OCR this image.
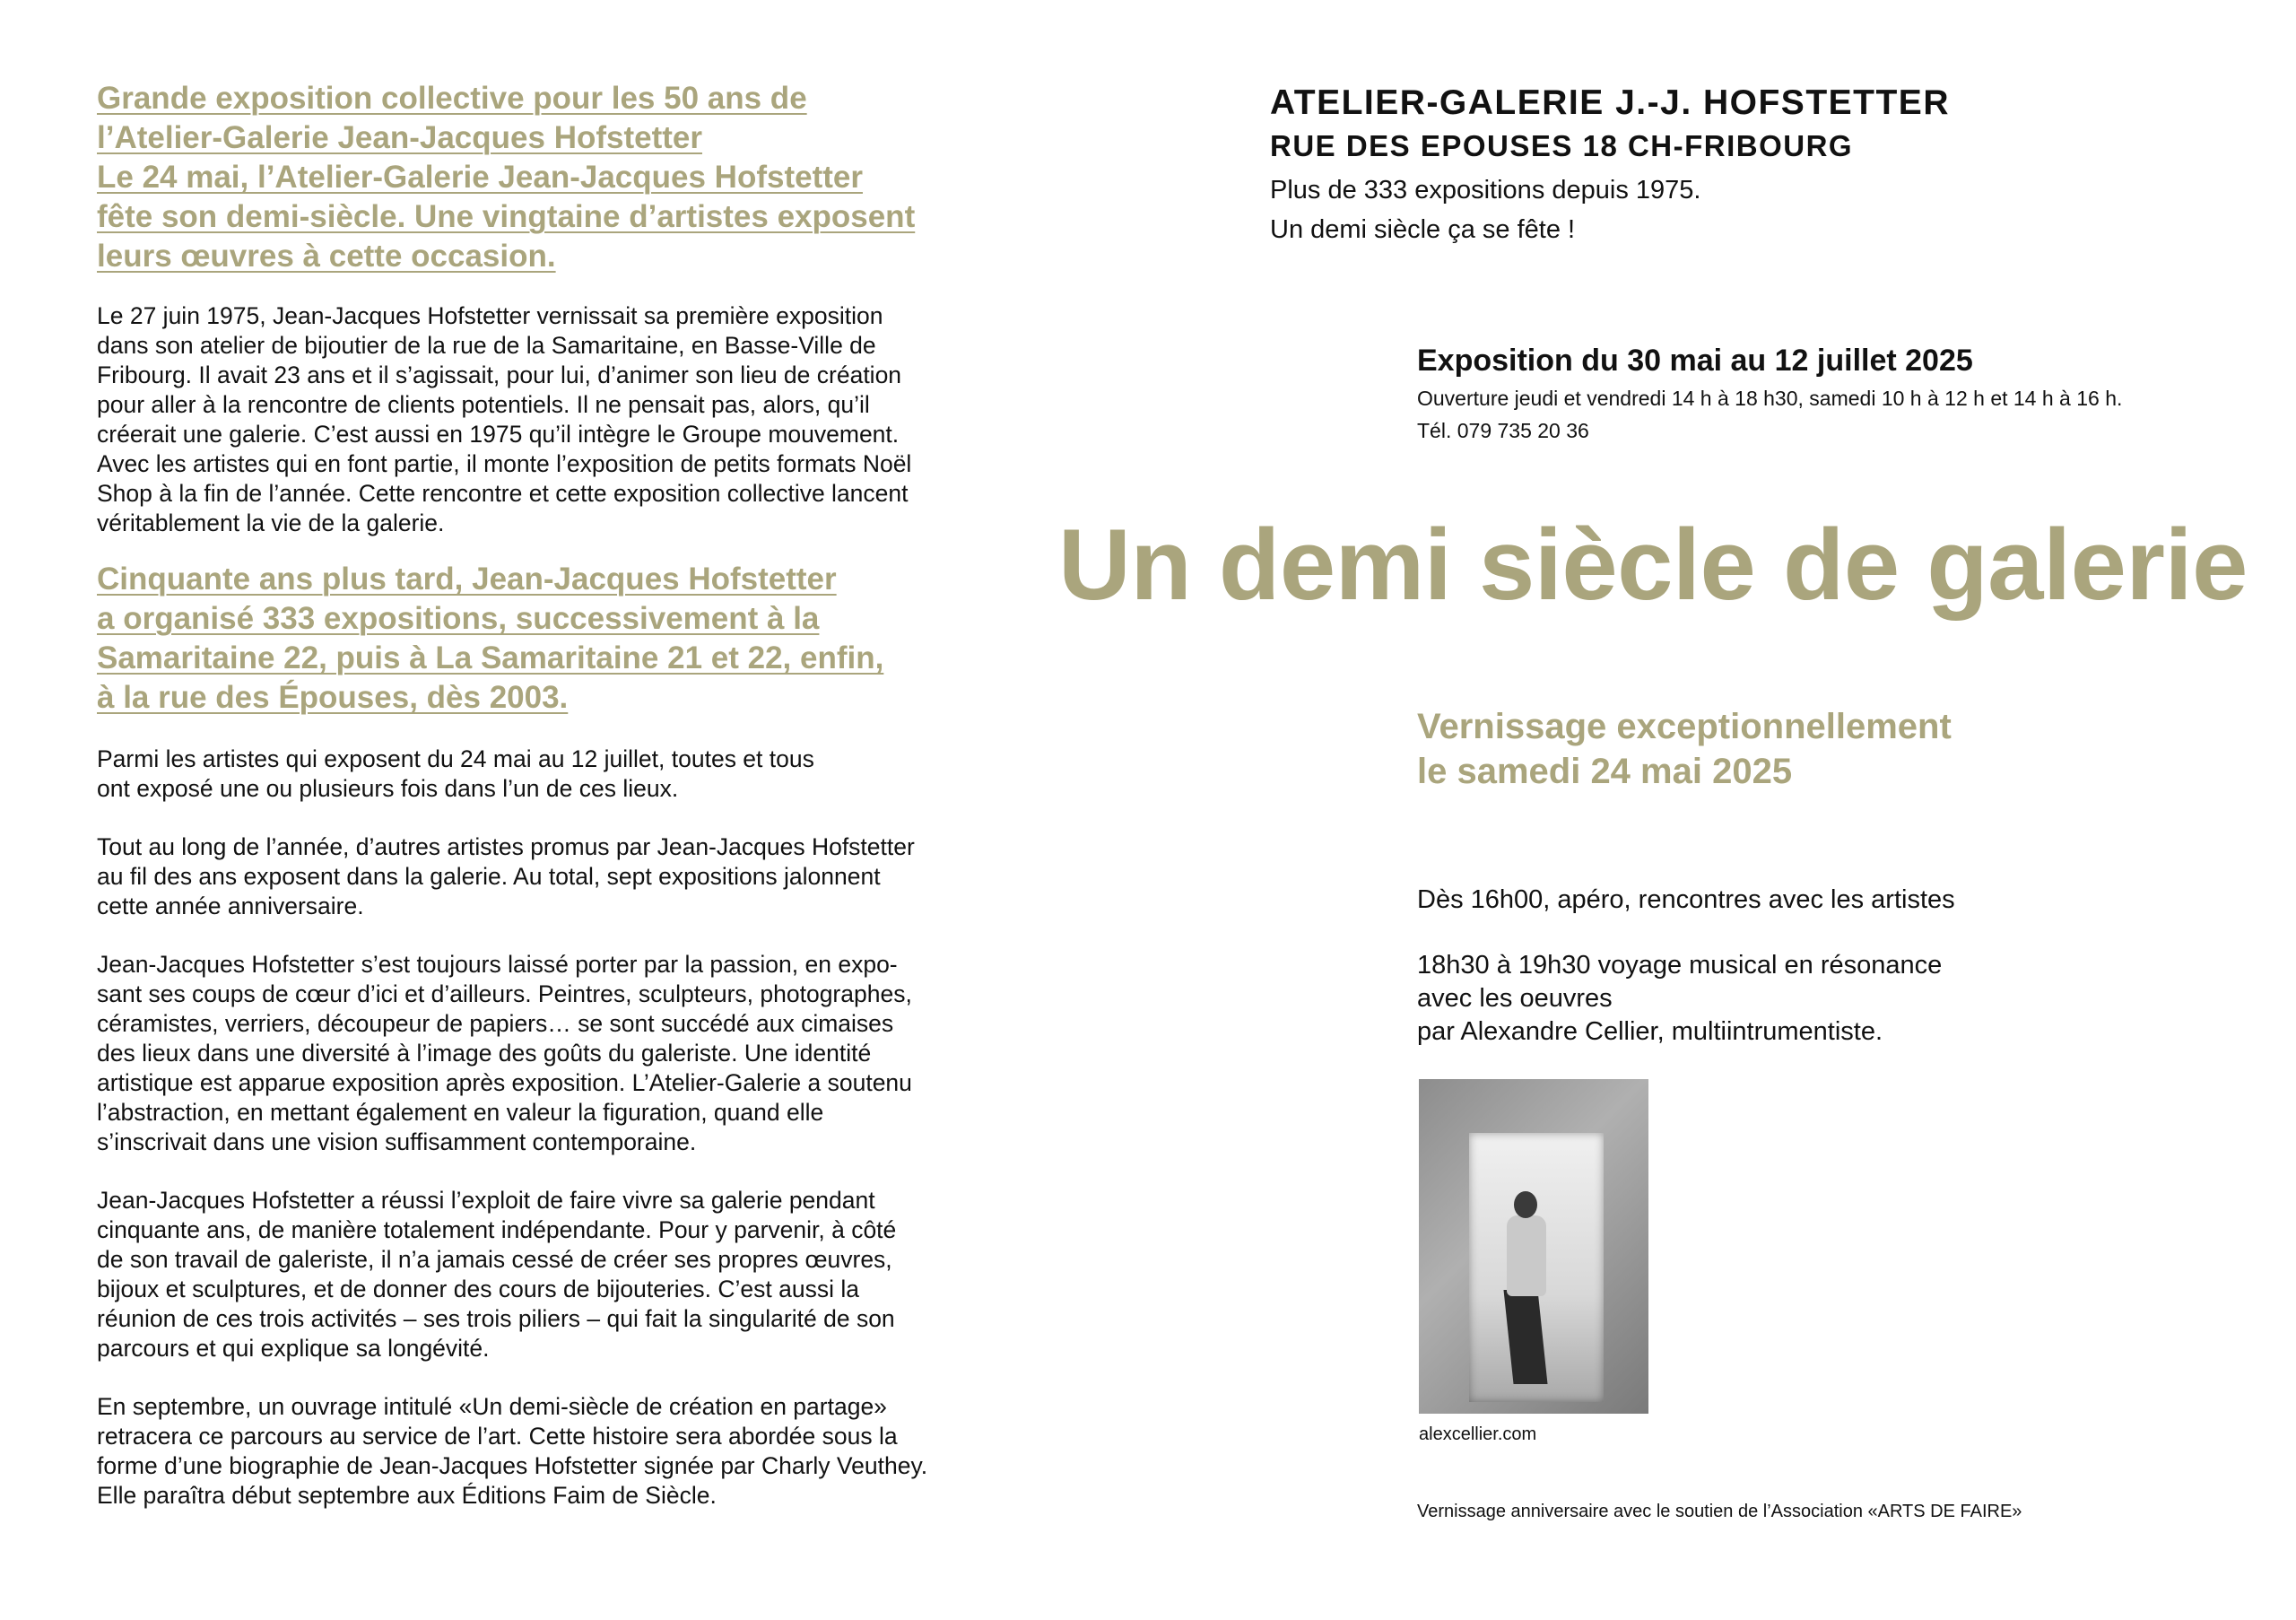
Grande exposition collective pour les 50 ans de
l’Atelier-Galerie Jean-Jacques Hofstetter
Le 24 mai, l’Atelier-Galerie Jean-Jacques Hofstetter
fête son demi-siècle. Une vingtaine d’artistes exposent
leurs œuvres à cette occasion.

Le 27 juin 1975, Jean-Jacques Hofstetter vernissait sa première exposition
dans son atelier de bijoutier de la rue de la Samaritaine, en Basse-Ville de
Fribourg. Il avait 23 ans et il s’agissait, pour lui, d’animer son lieu de création
pour aller à la rencontre de clients potentiels. Il ne pensait pas, alors, qu’il
créerait une galerie. C’est aussi en 1975 qu’il intègre le Groupe mouvement.
Avec les artistes qui en font partie, il monte l’exposition de petits formats Noël
Shop à la fin de l’année. Cette rencontre et cette exposition collective lancent
véritablement la vie de la galerie.

Cinquante ans plus tard, Jean-Jacques Hofstetter
a organisé 333 expositions, successivement à la
Samaritaine 22, puis à La Samaritaine 21 et 22, enfin,
à la rue des Épouses, dès 2003.

Parmi les artistes qui exposent du 24 mai au 12 juillet, toutes et tous
ont exposé une ou plusieurs fois dans l’un de ces lieux.

Tout au long de l’année, d’autres artistes promus par Jean-Jacques Hofstetter
au fil des ans exposent dans la galerie. Au total, sept expositions jalonnent
cette année anniversaire.

Jean-Jacques Hofstetter s’est toujours laissé porter par la passion, en expo-
sant ses coups de cœur d’ici et d’ailleurs. Peintres, sculpteurs, photographes,
céramistes, verriers, découpeur de papiers… se sont succédé aux cimaises
des lieux dans une diversité à l’image des goûts du galeriste. Une identité
artistique est apparue exposition après exposition. L’Atelier-Galerie a soutenu
l’abstraction, en mettant également en valeur la figuration, quand elle
s’inscrivait dans une vision suffisamment contemporaine.

Jean-Jacques Hofstetter a réussi l’exploit de faire vivre sa galerie pendant
cinquante ans, de manière totalement indépendante. Pour y parvenir, à côté
de son travail de galeriste, il n’a jamais cessé de créer ses propres œuvres,
bijoux et sculptures, et de donner des cours de bijouteries. C’est aussi la
réunion de ces trois activités – ses trois piliers – qui fait la singularité de son
parcours et qui explique sa longévité.

En septembre, un ouvrage intitulé «Un demi-siècle de création en partage»
retracera ce parcours au service de l’art. Cette histoire sera abordée sous la
forme d’une biographie de Jean-Jacques Hofstetter signée par Charly Veuthey.
Elle paraîtra début septembre aux Éditions Faim de Siècle.

ATELIER-GALERIE J.-J. HOFSTETTER

RUE DES EPOUSES 18 CH-FRIBOURG

Plus de 333 expositions depuis 1975.

Un demi siècle ça se fête !

Exposition du 30 mai au 12 juillet 2025

Ouverture jeudi et vendredi 14 h à 18 h30, samedi 10 h à 12 h et 14 h à 16 h.

Tél. 079 735 20 36

Un demi siècle de galerie
Vernissage exceptionnellement
le samedi 24 mai 2025

Dès 16h00, apéro, rencontres avec les artistes

18h30 à 19h30 voyage musical en résonance

avec les oeuvres

par Alexandre Cellier, multiintrumentiste.

alexcellier.com

Vernissage anniversaire avec le soutien de l’Association «ARTS DE FAIRE»
